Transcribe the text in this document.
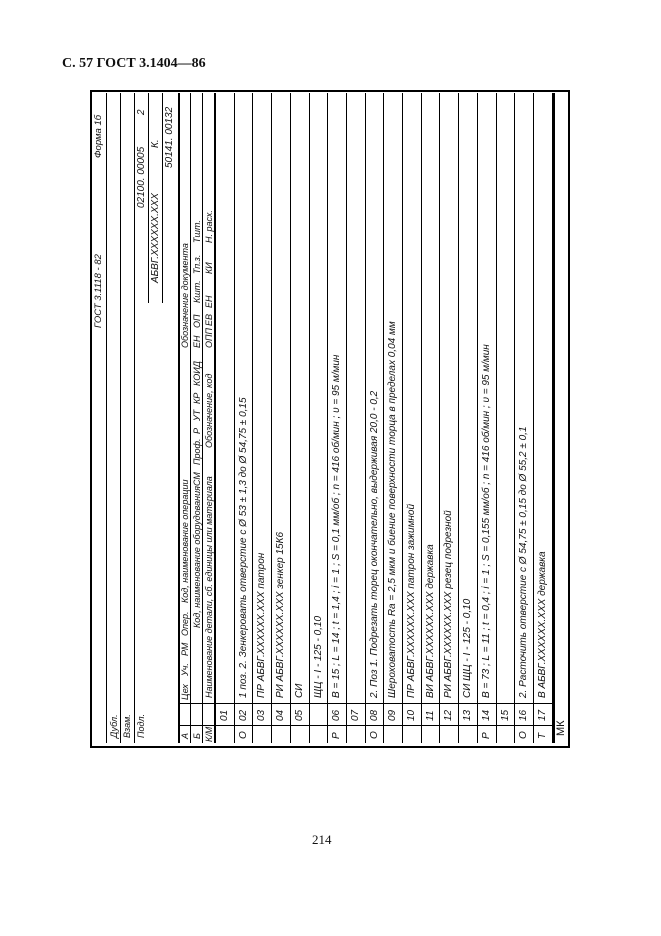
С. 57 ГОСТ 3.1404—86
ГОСТ 3.1118 - 82
Форма 1б
Дубл. Взам. Подл.
02100. 00005
2
АБВГ.XXXXXX.XXX
К. 50141. 00132
А Б К/М
Цех
Уч.
РМ
Опер.
Код, наименование операции
Обозначение документа
Код, наименование оборудования
СМ
Проф.
Р
УТ
КР
КОИД
ЕН
ОП
Кшт.
Тп.з.
Тшт.
Наименование детали, сб. единицы или материала
Обозначение, код
ОПП
ЕВ
ЕН
КИ
Н. расх.
01
О
02
1 поз. 2. Зенкеровать отверстие с Ø 53 ± 1,3 до Ø 54,75 ± 0,15
03
ПР АБВГ.XXXXXX.XXX патрон
04
РИ АБВГ.XXXXXX.XXX зенкер 15К6
05
СИ ЩЦ - I - 125 - 0,10
Р
06
В = 15 ; L = 14 ; t = 1,4 ; i = 1 ; S = 0,1 мм/об ; n = 416 об/мин ; υ = 95 м/мин
07
О
08
2. Поз 1. Подрезать торец окончательно, выдерживая 20,0 - 0,2
09
Шероховатость Ra = 2,5 мкм и биение поверхности торца в пределах 0,04 мм
10
ПР АБВГ.XXXXXX.XXX патрон зажимной
11
ВИ АБВГ.XXXXXX.XXX державка
12
РИ АБВГ.XXXXXX.XXX резец подрезной
13
СИ ЩЦ - I - 125 - 0,10
Р
14
В = 73 ; L = 11 ; t = 0,4 ; i = 1 ; S = 0,155 мм/об ; n = 416 об/мин ; υ = 95 м/мин
15
О
16
2. Расточить отверстие с Ø 54,75 ± 0,15 до Ø 55,2 ± 0,1
Т
17
В АБВГ.XXXXXX.XXX державка
МК
214
